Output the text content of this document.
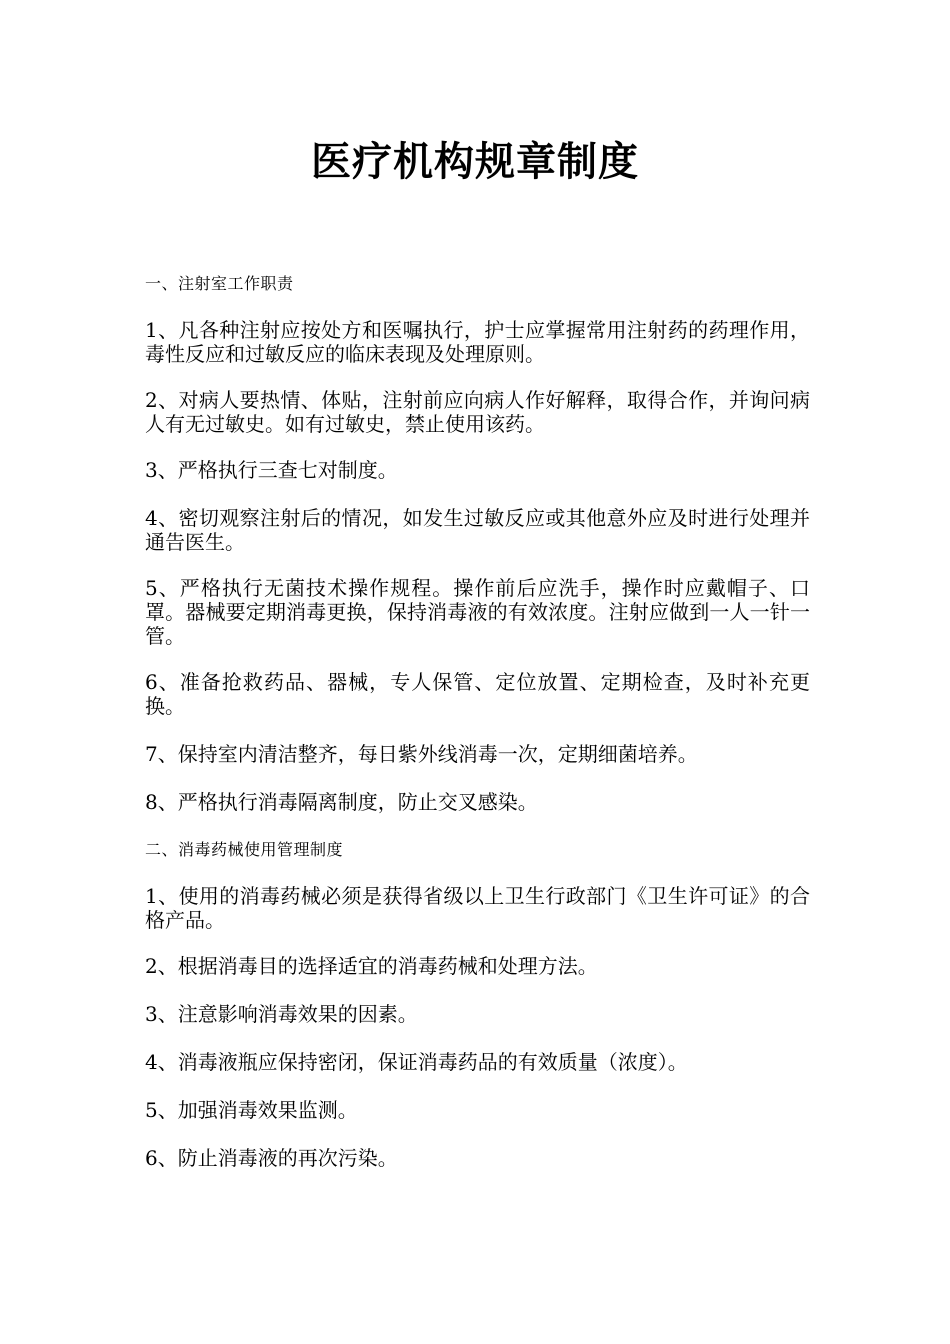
医疗机构规章制度
一、注射室工作职责

1、凡各种注射应按处方和医嘱执行，护士应掌握常用注射药的药理作用，毒性反应和过敏反应的临床表现及处理原则。

2、对病人要热情、体贴，注射前应向病人作好解释，取得合作，并询问病人有无过敏史。如有过敏史，禁止使用该药。

3、严格执行三查七对制度。

4、密切观察注射后的情况，如发生过敏反应或其他意外应及时进行处理并通告医生。

5、严格执行无菌技术操作规程。操作前后应洗手，操作时应戴帽子、口罩。器械要定期消毒更换，保持消毒液的有效浓度。注射应做到一人一针一管。

6、准备抢救药品、器械，专人保管、定位放置、定期检查，及时补充更换。

7、保持室内清洁整齐，每日紫外线消毒一次，定期细菌培养。

8、严格执行消毒隔离制度，防止交叉感染。

二、消毒药械使用管理制度

1、使用的消毒药械必须是获得省级以上卫生行政部门《卫生许可证》的合格产品。

2、根据消毒目的选择适宜的消毒药械和处理方法。

3、注意影响消毒效果的因素。

4、消毒液瓶应保持密闭，保证消毒药品的有效质量（浓度）。

5、加强消毒效果监测。

6、防止消毒液的再次污染。
